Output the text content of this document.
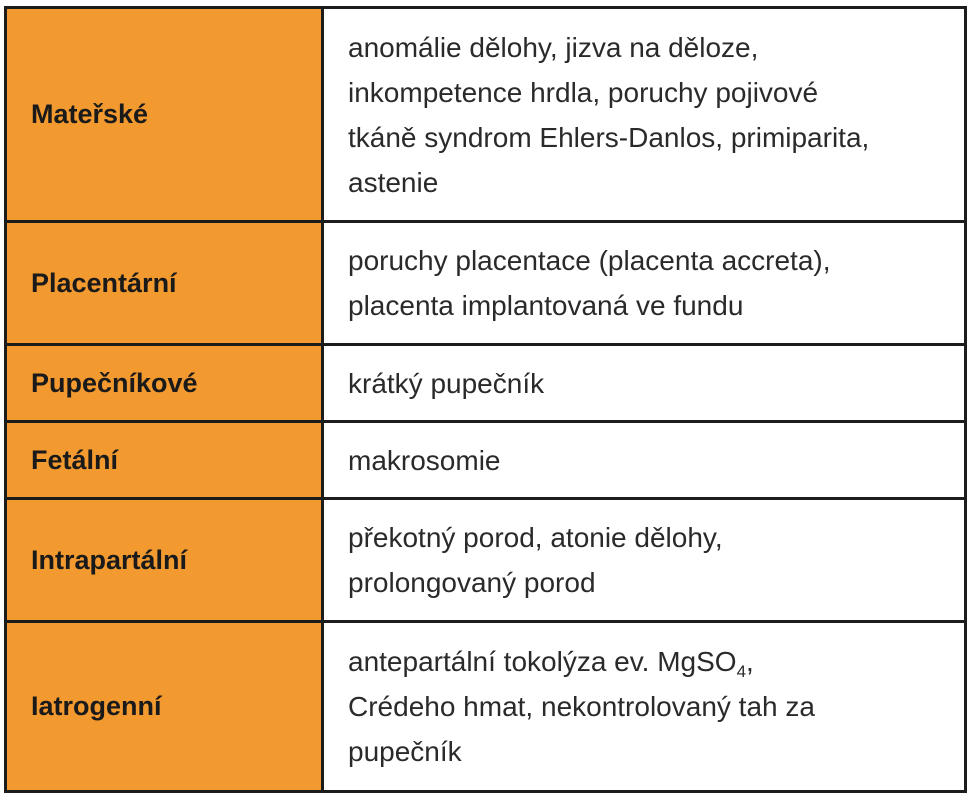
Mateřské	anomálie dělohy, jizva na děloze,
inkompetence hrdla, poruchy pojivové
tkáně syndrom Ehlers-Danlos, primiparita,
astenie

Placentární	poruchy placentace (placenta accreta),
placenta implantovaná ve fundu

Pupečníkové	krátký pupečník

Fetální	makrosomie

Intrapartální	překotný porod, atonie dělohy,
prolongovaný porod

Iatrogenní	antepartální tokolýza ev. MgSO$_4$,
Crédeho hmat, nekontrolovaný tah za
pupečník
